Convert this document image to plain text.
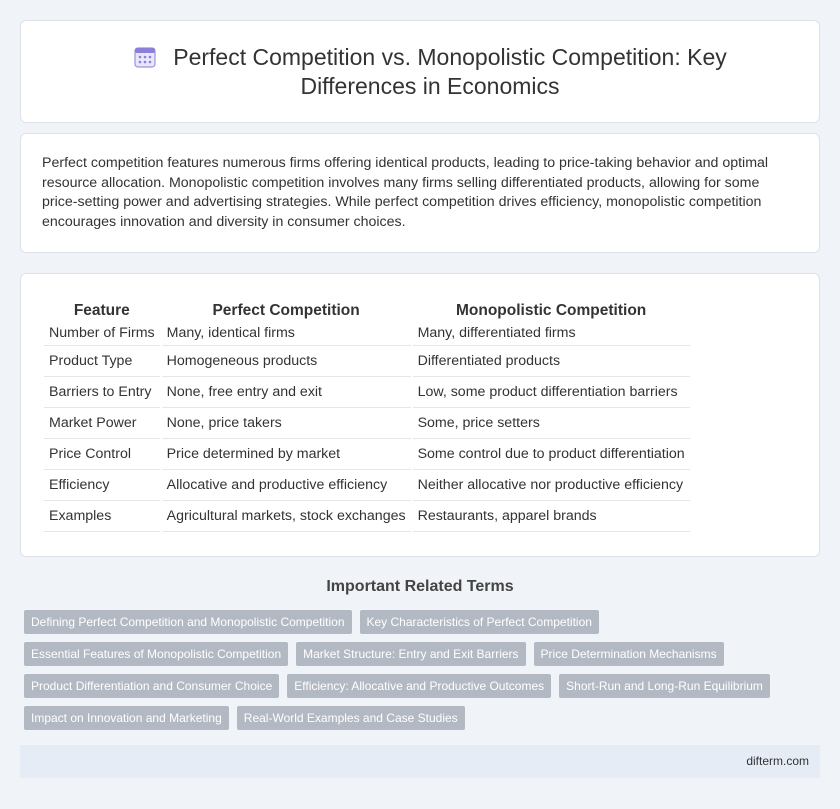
Perfect Competition vs. Monopolistic Competition: Key Differences in Economics

Perfect competition features numerous firms offering identical products, leading to price-taking behavior and optimal resource allocation. Monopolistic competition involves many firms selling differentiated products, allowing for some price-setting power and advertising strategies. While perfect competition drives efficiency, monopolistic competition encourages innovation and diversity in consumer choices.

Feature	Perfect Competition	Monopolistic Competition
Number of Firms	Many, identical firms	Many, differentiated firms
Product Type	Homogeneous products	Differentiated products
Barriers to Entry	None, free entry and exit	Low, some product differentiation barriers
Market Power	None, price takers	Some, price setters
Price Control	Price determined by market	Some control due to product differentiation
Efficiency	Allocative and productive efficiency	Neither allocative nor productive efficiency
Examples	Agricultural markets, stock exchanges	Restaurants, apparel brands
Important Related Terms
Defining Perfect Competition and Monopolistic Competition	Key Characteristics of Perfect Competition
Essential Features of Monopolistic Competition	Market Structure: Entry and Exit Barriers	Price Determination Mechanisms
Product Differentiation and Consumer Choice	Efficiency: Allocative and Productive Outcomes	Short-Run and Long-Run Equilibrium
Impact on Innovation and Marketing	Real-World Examples and Case Studies
difterm.com
